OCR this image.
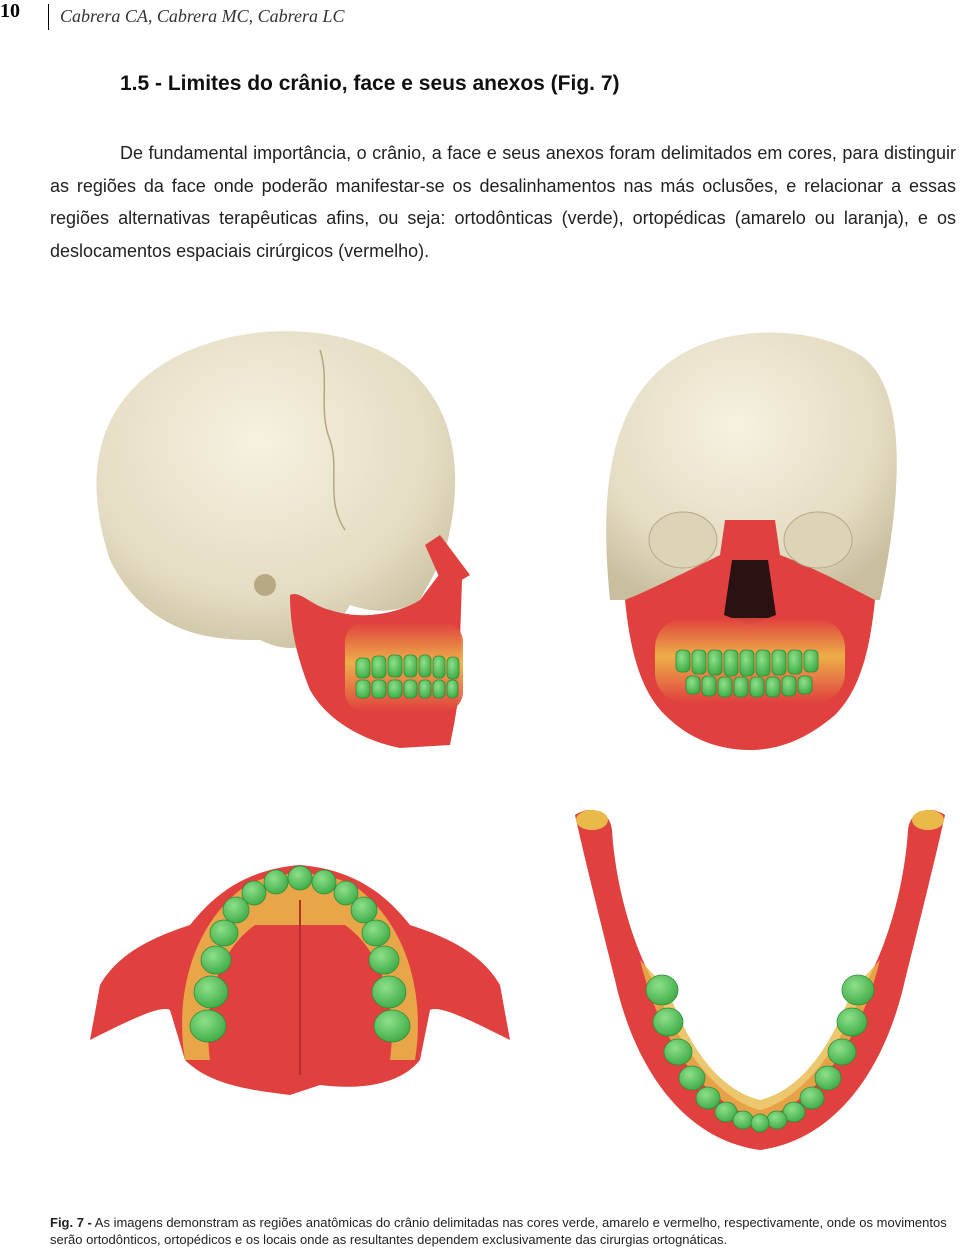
10 Cabrera CA, Cabrera MC, Cabrera LC
1.5 - Limites do crânio, face e seus anexos (Fig. 7)

De fundamental importância, o crânio, a face e seus anexos foram delimitados em cores, para distinguir as regiões da face onde poderão manifestar-se os desalinhamentos nas más oclusões, e relacionar a essas regiões alternativas terapêuticas afins, ou seja: ortodônticas (verde), ortopédicas (amarelo ou laranja), e os deslocamentos espaciais cirúrgicos (vermelho).

Fig. 7 - As imagens demonstram as regiões anatômicas do crânio delimitadas nas cores verde, amarelo e vermelho, respectivamente, onde os movimentos serão ortodônticos, ortopédicos e os locais onde as resultantes dependem exclusivamente das cirurgias ortognáticas.
